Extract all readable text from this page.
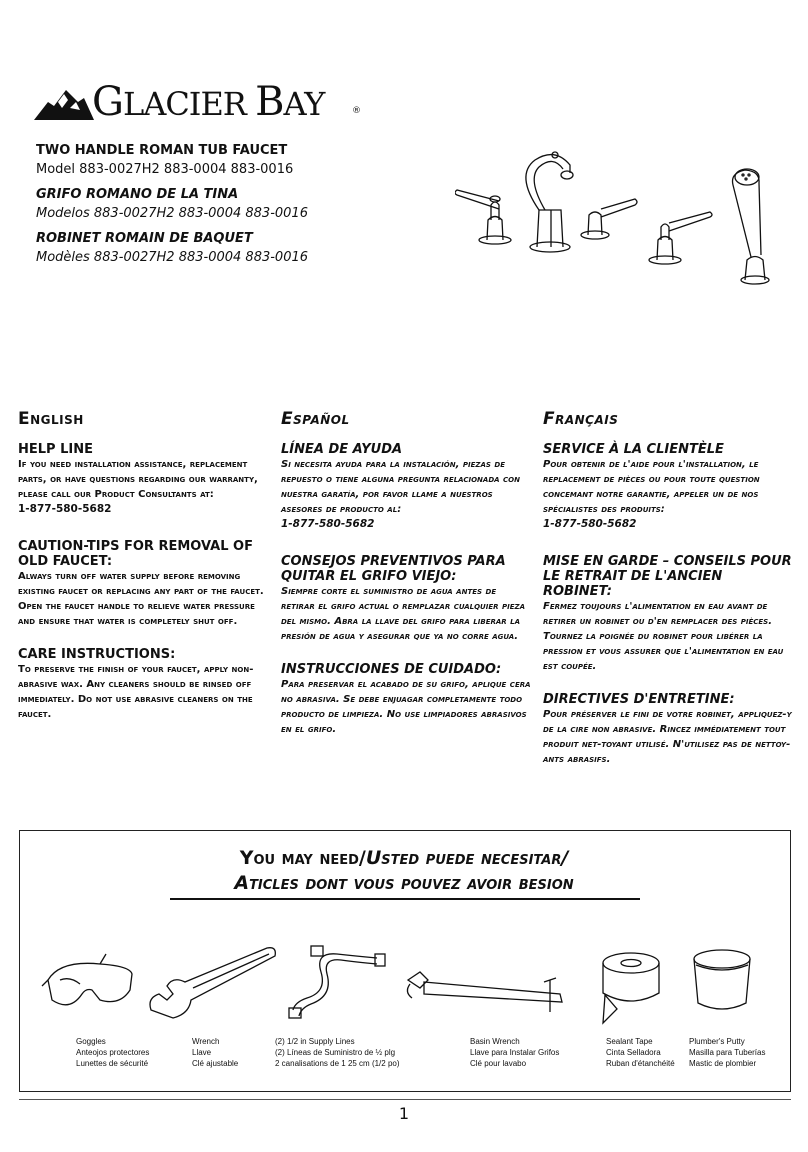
GLACIER BAY	®
TWO HANDLE ROMAN TUB FAUCET
Model 883-0027H2 883-0004 883-0016
GRIFO ROMANO DE LA TINA
Modelos 883-0027H2 883-0004 883-0016
ROBINET ROMAIN DE BAQUET
Modèles 883-0027H2 883-0004 883-0016
English
HELP LINE
If you need installation assistance, replacement parts, or have questions regarding our warranty, please call our Product Consultants at:
1-877-580-5682
CAUTION-TIPS FOR REMOVAL OF OLD FAUCET:
Always turn off water supply before removing existing faucet or replacing any part of the faucet. Open the faucet handle to relieve water pressure and ensure that water is completely shut off.
CARE INSTRUCTIONS:
To preserve the finish of your faucet, apply non-abrasive wax. Any cleaners should be rinsed off immediately. Do not use abrasive cleaners on the faucet.
Español
LÍNEA DE AYUDA
Si necesita ayuda para la instalación, piezas de repuesto o tiene alguna pregunta relacionada con nuestra garatía, por favor llame a nuestros asesores de producto al:
1-877-580-5682
CONSEJOS PREVENTIVOS PARA QUITAR EL GRIFO VIEJO:
Siempre corte el suministro de agua antes de retirar el grifo actual o remplazar cualquier pieza del mismo. Abra la llave del grifo para liberar la presión de agua y asegurar que ya no corre agua.
INSTRUCCIONES DE CUIDADO:
Para preservar el acabado de su grifo, aplique cera no abrasiva. Se debe enjuagar completamente todo producto de limpieza. No use limpiadores abrasivos en el grifo.
Français
SERVICE À LA CLIENTÈLE
Pour obtenir de l'aide pour l'installation, le replacement de pièces ou pour toute question concemant notre garantie, appeler un de nos spécialistes des produits:
1-877-580-5682
MISE EN GARDE – CONSEILS POUR LE RETRAIT DE L'ANCIEN ROBINET:
Fermez toujours l'alimentation en eau avant de retirer un robinet ou d'en remplacer des pièces. Tournez la poignée du robinet pour libérer la pression et vous assurer que l'alimentation en eau est coupée.
DIRECTIVES D'ENTRETINE:
Pour préserver le fini de votre robinet, appliquez-y de la cire non abrasive. Rincez immédiatement tout produit net-toyant utilisé. N'utilisez pas de nettoy-ants abrasifs.
You may need/Usted puede necesitar/
Aticles dont vous pouvez avoir besion
Goggles
Anteojos protectores
Lunettes de sécurité
Wrench
Llave
Clé ajustable
(2) 1/2 in Supply Lines
(2) Líneas de Suministro de ½ plg
2 canalisations de 1 25 cm (1/2 po)
Basin Wrench
Llave para Instalar Grifos
Clé pour lavabo
Sealant Tape
Cinta Selladora
Ruban d'étanchéité
Plumber's Putty
Masilla para Tuberías
Mastic de plombier
1
